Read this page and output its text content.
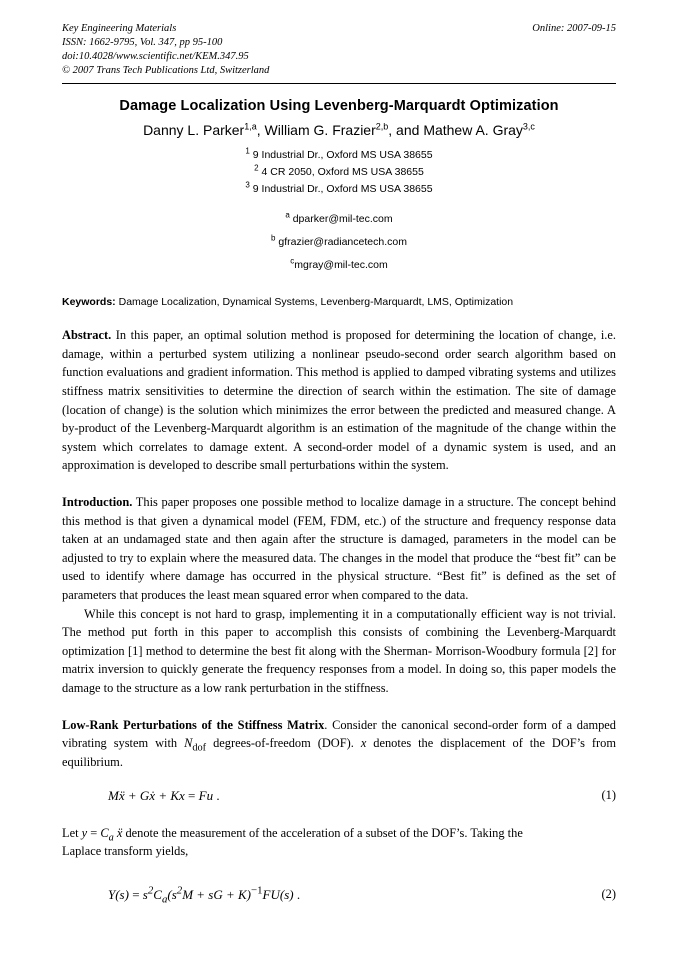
Key Engineering Materials
ISSN: 1662-9795, Vol. 347, pp 95-100
doi:10.4028/www.scientific.net/KEM.347.95
© 2007 Trans Tech Publications Ltd, Switzerland
Online: 2007-09-15
Damage Localization Using Levenberg-Marquardt Optimization
Danny L. Parker$^{1,a}$, William G. Frazier$^{2,b}$, and Mathew A. Gray$^{3,c}$
$^1$ 9 Industrial Dr., Oxford MS USA 38655
$^2$ 4 CR 2050, Oxford MS USA 38655
$^3$ 9 Industrial Dr., Oxford MS USA 38655
$^a$ dparker@mil-tec.com
$^b$ gfrazier@radiancetech.com
$^c$mgray@mil-tec.com
Keywords: Damage Localization, Dynamical Systems, Levenberg-Marquardt, LMS, Optimization
Abstract. In this paper, an optimal solution method is proposed for determining the location of change, i.e. damage, within a perturbed system utilizing a nonlinear pseudo-second order search algorithm based on function evaluations and gradient information. This method is applied to damped vibrating systems and utilizes stiffness matrix sensitivities to determine the direction of search within the estimation. The site of damage (location of change) is the solution which minimizes the error between the predicted and measured change. A by-product of the Levenberg-Marquardt algorithm is an estimation of the magnitude of the change within the system which correlates to damage extent. A second-order model of a dynamic system is used, and an approximation is developed to describe small perturbations within the system.
Introduction. This paper proposes one possible method to localize damage in a structure. The concept behind this method is that given a dynamical model (FEM, FDM, etc.) of the structure and frequency response data taken at an undamaged state and then again after the structure is damaged, parameters in the model can be adjusted to try to explain where the measured data. The changes in the model that produce the “best fit” can be used to identify where damage has occurred in the physical structure. “Best fit” is defined as the set of parameters that produces the least mean squared error when compared to the data.
While this concept is not hard to grasp, implementing it in a computationally efficient way is not trivial. The method put forth in this paper to accomplish this consists of combining the Levenberg-Marquardt optimization [1] method to determine the best fit along with the Sherman- Morrison-Woodbury formula [2] for matrix inversion to quickly generate the frequency responses from a model. In doing so, this paper models the damage to the structure as a low rank perturbation in the stiffness.
Low-Rank Perturbations of the Stiffness Matrix. Consider the canonical second-order form of a damped vibrating system with $N_{dof}$ degrees-of-freedom (DOF). x denotes the displacement of the DOF’s from equilibrium.
Mẍ + Gẋ + Kx = Fu .	(1)
Let $y = C_a$ ẍ denote the measurement of the acceleration of a subset of the DOF’s. Taking the
Laplace transform yields,
$Y(s) = s^2C_a(s^2M$ + sG + K)$^{-1}$FU(s) .	(2)
